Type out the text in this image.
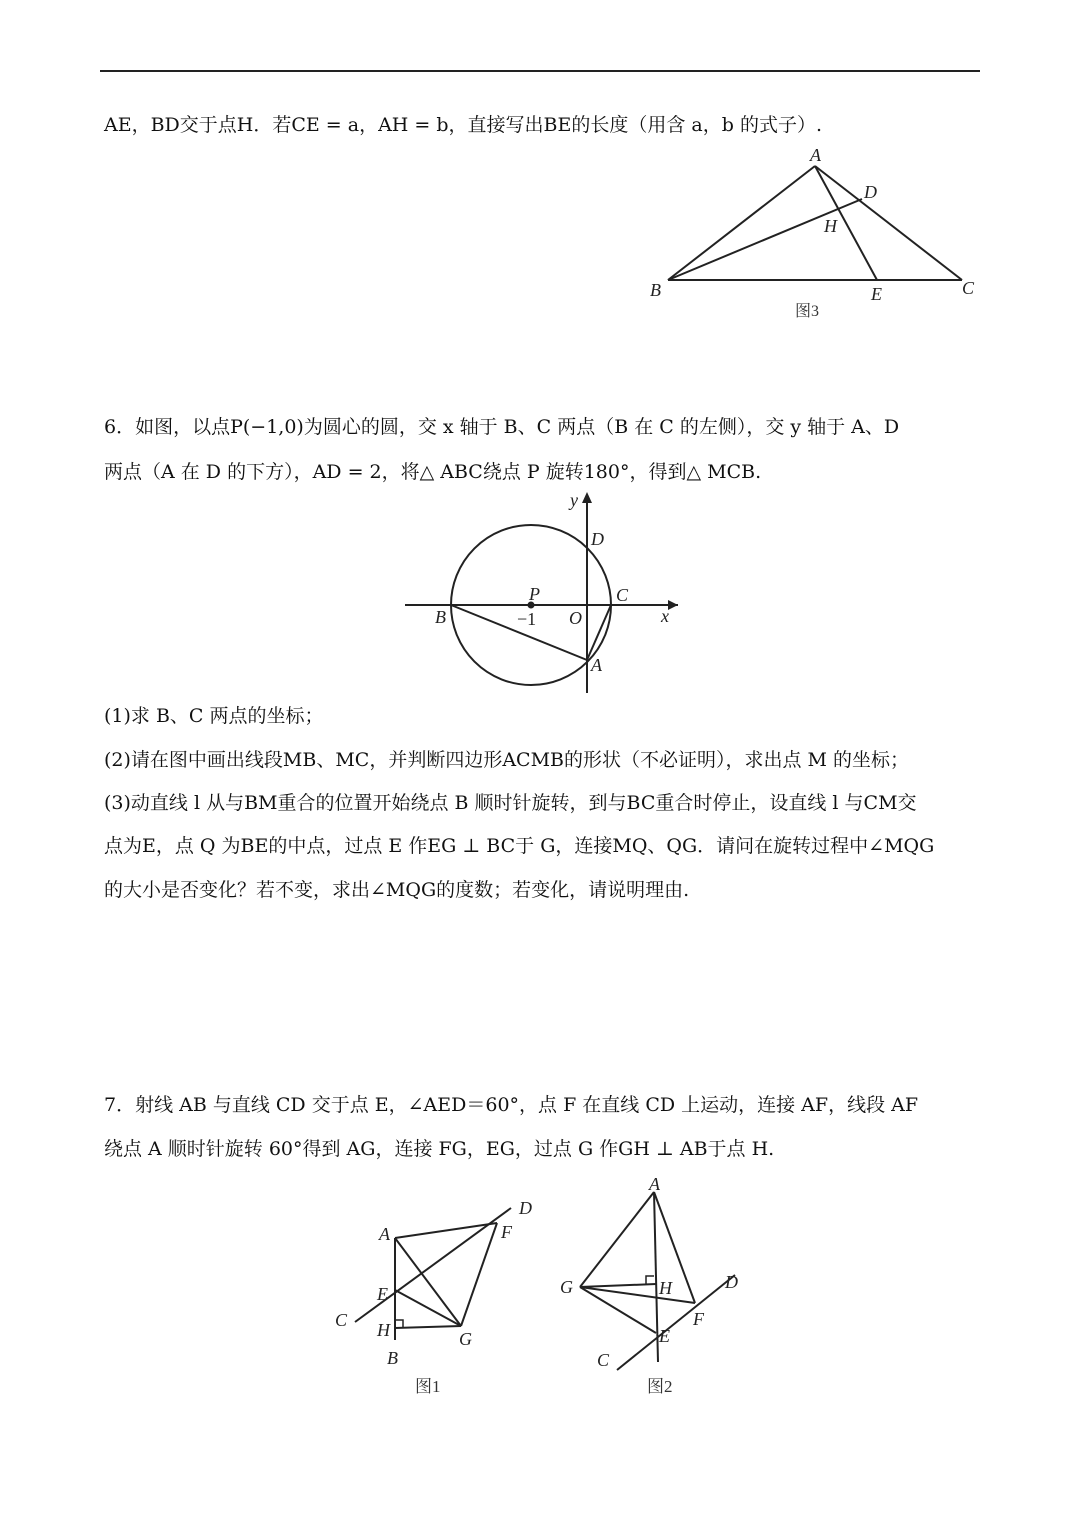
AE，BD交于点H．若CE = a，AH = b，直接写出BE的长度（用含 a，b 的式子）.
A
B	C
D
E
H
图3
6．如图，以点P(−1,0)为圆心的圆，交 x 轴于 B、C 两点（B 在 C 的左侧），交 y 轴于 A、D
两点（A 在 D 的下方），AD = 2，将△ ABC绕点 P 旋转180°，得到△ MCB.
y
x
D
P	C
B	−1 O
A
(1)求 B、C 两点的坐标；
(2)请在图中画出线段MB、MC，并判断四边形ACMB的形状（不必证明），求出点 M 的坐标；
(3)动直线 l 从与BM重合的位置开始绕点 B 顺时针旋转，到与BC重合时停止，设直线 l 与CM交
点为E，点 Q 为BE的中点，过点 E 作EG ⊥ BC于 G，连接MQ、QG．请问在旋转过程中∠MQG
的大小是否变化？若不变，求出∠MQG的度数；若变化，请说明理由.
7．射线 AB 与直线 CD 交于点 E，∠AED＝60°，点 F 在直线 CD 上运动，连接 AF，线段 AF
绕点 A 顺时针旋转 60°得到 AG，连接 FG，EG，过点 G 作GH ⊥ AB于点 H.
A
B
C
D
E
F
G
H
图1
A
C
D
E
F
G	H
图2
